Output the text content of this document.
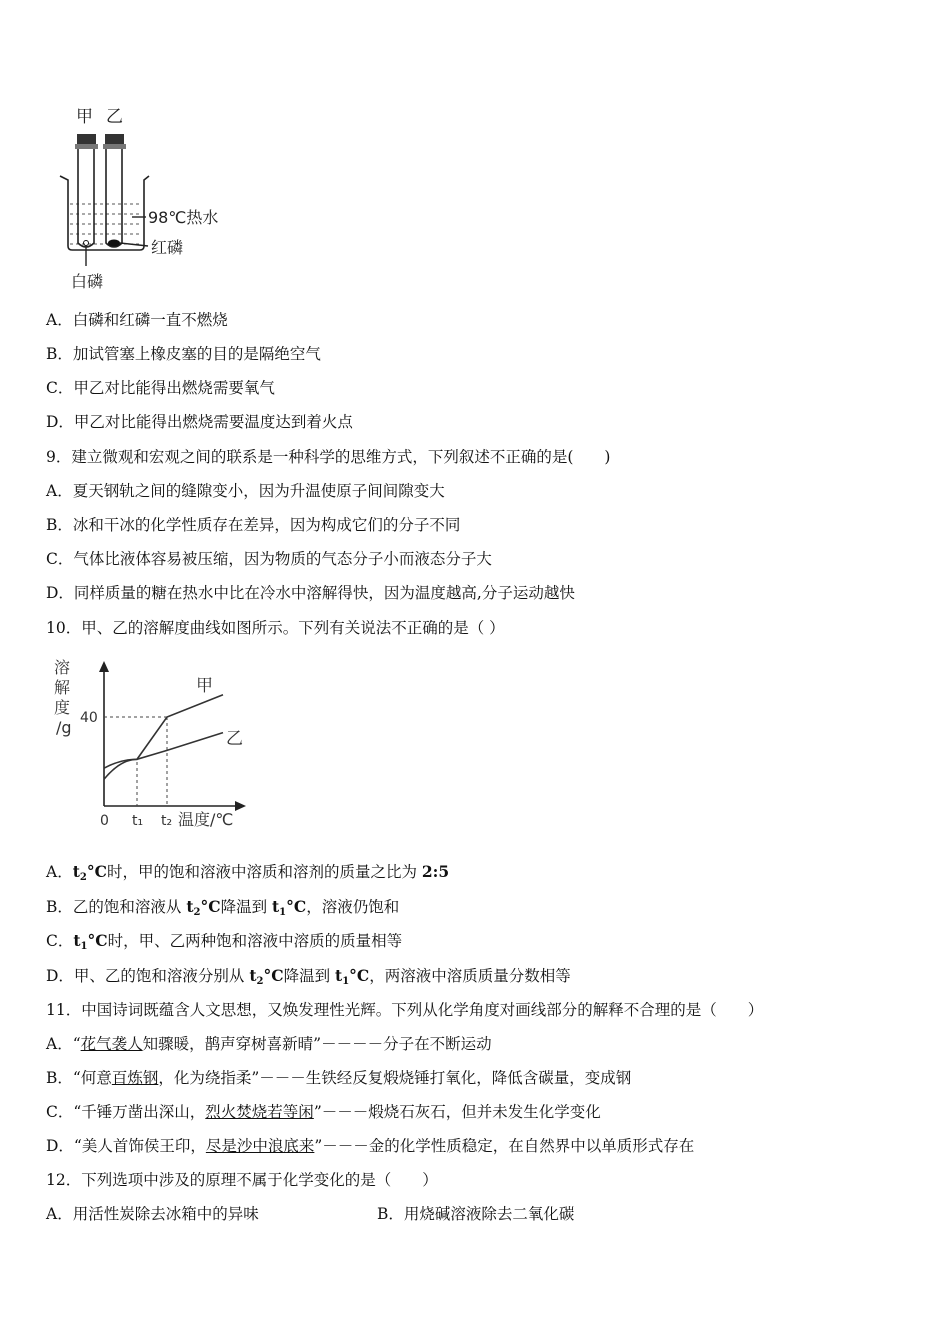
甲 乙
98℃热水
红磷
白磷
A．白磷和红磷一直不燃烧
B．加试管塞上橡皮塞的目的是隔绝空气
C．甲乙对比能得出燃烧需要氧气
D．甲乙对比能得出燃烧需要温度达到着火点
9．建立微观和宏观之间的联系是一种科学的思维方式，下列叙述不正确的是(　　)
A．夏天钢轨之间的缝隙变小，因为升温使原子间间隙变大
B．冰和干冰的化学性质存在差异，因为构成它们的分子不同
C．气体比液体容易被压缩，因为物质的气态分子小而液态分子大
D．同样质量的糖在热水中比在冷水中溶解得快，因为温度越高,分子运动越快
10．甲、乙的溶解度曲线如图所示。下列有关说法不正确的是（ ）
溶
解
度
/g
0
40
t₁ t₂ 温度/℃
甲
乙
A．$t_2^\circ C$时，甲的饱和溶液中溶质和溶剂的质量之比为 2:5
B．乙的饱和溶液从 $t_2^\circ C$降温到 $t_1^\circ C$，溶液仍饱和
C．$t_1^\circ C$时，甲、乙两种饱和溶液中溶质的质量相等
D．甲、乙的饱和溶液分别从 $t_2^\circ C$降温到 $t_1^\circ C$，两溶液中溶质质量分数相等
11．中国诗词既蕴含人文思想，又焕发理性光辉。下列从化学角度对画线部分的解释不合理的是（　　）
A．“花气袭人知骤暖，鹊声穿树喜新晴”－－－－分子在不断运动
B．“何意百炼钢，化为绕指柔”－－－生铁经反复煅烧锤打氧化，降低含碳量，变成钢
C．“千锤万凿出深山，烈火焚烧若等闲”－－－煅烧石灰石，但并未发生化学变化
D．“美人首饰侯王印，尽是沙中浪底来”－－－金的化学性质稳定，在自然界中以单质形式存在
12．下列选项中涉及的原理不属于化学变化的是（　　）
A．用活性炭除去冰箱中的异味	B．用烧碱溶液除去二氧化碳
